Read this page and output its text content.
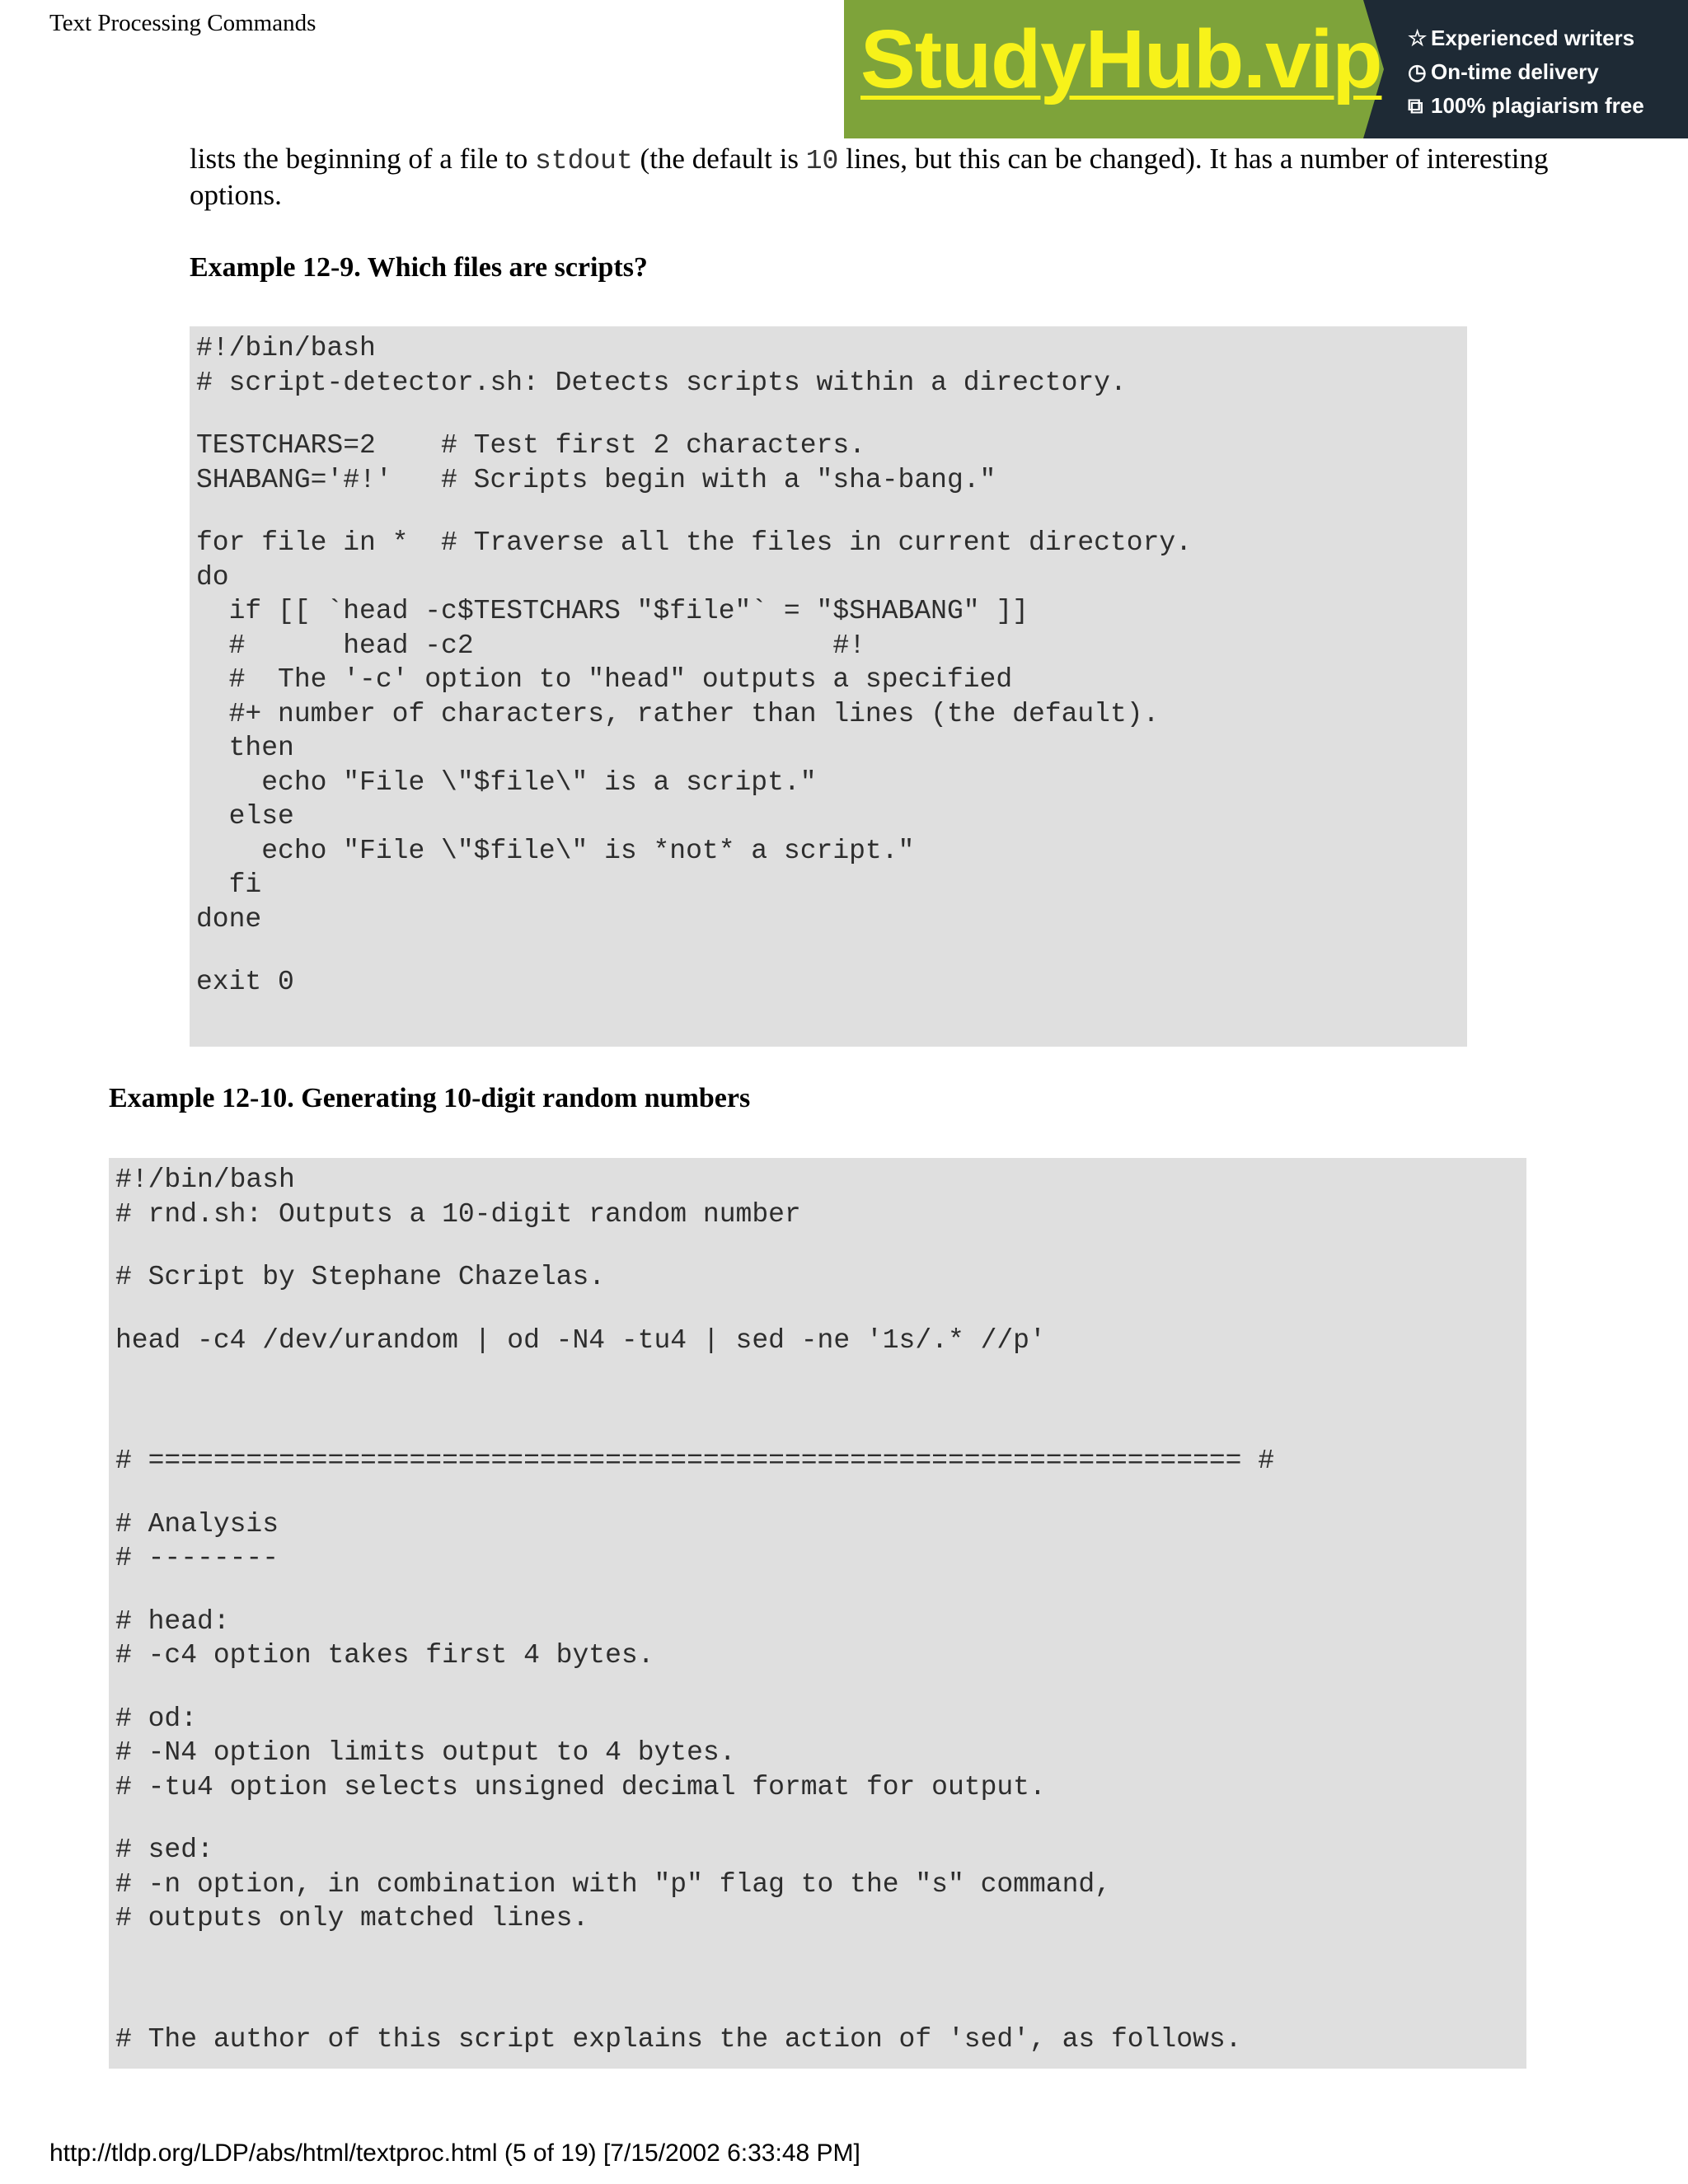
Text Processing Commands	StudyHub.vip ☆ Experienced writers
◷ On-time delivery
⧉ 100% plagiarism free
lists the beginning of a file to stdout (the default is 10 lines, but this can be changed). It has a number of interesting options.
Example 12-9. Which files are scripts?
#!/bin/bash
# script-detector.sh: Detects scripts within a directory.
TESTCHARS=2    # Test first 2 characters.
SHABANG='#!'   # Scripts begin with a "sha-bang."
for file in *  # Traverse all the files in current directory.
do
if [[ `head -c$TESTCHARS "$file"` = "$SHABANG" ]]
#      head -c2                      #!
#  The '-c' option to "head" outputs a specified
#+ number of characters, rather than lines (the default).
then
echo "File \"$file\" is a script."
else
echo "File \"$file\" is *not* a script."
fi
done
exit 0
Example 12-10. Generating 10-digit random numbers
#!/bin/bash
# rnd.sh: Outputs a 10-digit random number
# Script by Stephane Chazelas.
head -c4 /dev/urandom | od -N4 -tu4 | sed -ne '1s/.* //p'
# =================================================================== #
# Analysis
# --------
# head:
# -c4 option takes first 4 bytes.
# od:
# -N4 option limits output to 4 bytes.
# -tu4 option selects unsigned decimal format for output.
# sed:
# -n option, in combination with "p" flag to the "s" command,
# outputs only matched lines.
# The author of this script explains the action of 'sed', as follows.
http://tldp.org/LDP/abs/html/textproc.html (5 of 19) [7/15/2002 6:33:48 PM]
